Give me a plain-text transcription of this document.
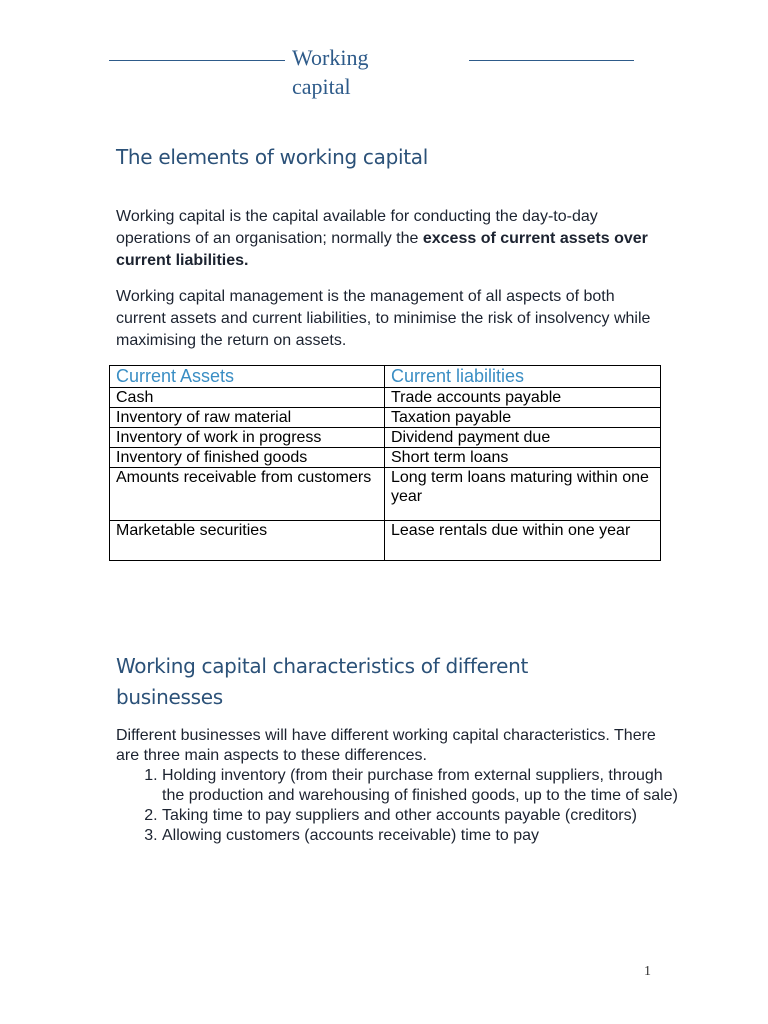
Working capital
The elements of working capital
Working capital is the capital available for conducting the day-to-day operations of an organisation; normally the excess of current assets over current liabilities.
Working capital management is the management of all aspects of both current assets and current liabilities, to minimise the risk of insolvency while maximising the return on assets.
Current Assets	Current liabilities
Cash	Trade accounts payable
Inventory of raw material	Taxation payable
Inventory of work in progress	Dividend payment due
Inventory of finished goods	Short term loans
Amounts receivable from customers	Long term loans maturing within one year
Marketable securities	Lease rentals due within one year
Working capital characteristics of different businesses
Different businesses will have different working capital characteristics. There are three main aspects to these differences.
1. Holding inventory (from their purchase from external suppliers, through the production and warehousing of finished goods, up to the time of sale)
2. Taking time to pay suppliers and other accounts payable (creditors)
3. Allowing customers (accounts receivable) time to pay
1
